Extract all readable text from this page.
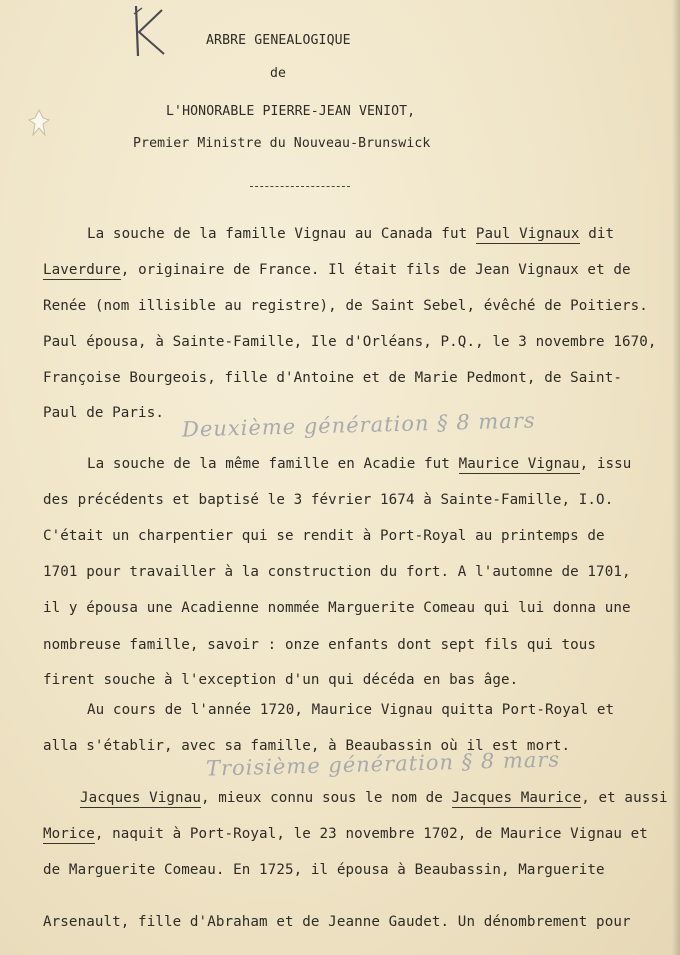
ARBRE GENEALOGIQUE
de
L'HONORABLE PIERRE-JEAN VENIOT,
Premier Ministre du Nouveau-Brunswick
La souche de la famille Vignau au Canada fut Paul Vignaux dit
Laverdure, originaire de France. Il était fils de Jean Vignaux et de
Renée (nom illisible au registre), de Saint Sebel, évêché de Poitiers.
Paul épousa, à Sainte-Famille, Ile d'Orléans, P.Q., le 3 novembre 1670,
Françoise Bourgeois, fille d'Antoine et de Marie Pedmont, de Saint-
Paul de Paris.
La souche de la même famille en Acadie fut Maurice Vignau, issu
des précédents et baptisé le 3 février 1674 à Sainte-Famille, I.O.
C'était un charpentier qui se rendit à Port-Royal au printemps de
1701 pour travailler à la construction du fort. A l'automne de 1701,
il y épousa une Acadienne nommée Marguerite Comeau qui lui donna une
nombreuse famille, savoir : onze enfants dont sept fils qui tous
firent souche à l'exception d'un qui décéda en bas âge.
Au cours de l'année 1720, Maurice Vignau quitta Port-Royal et
alla s'établir, avec sa famille, à Beaubassin où il est mort.
Jacques Vignau, mieux connu sous le nom de Jacques Maurice, et aussi
Morice, naquit à Port-Royal, le 23 novembre 1702, de Maurice Vignau et
de Marguerite Comeau. En 1725, il épousa à Beaubassin, Marguerite
Arsenault, fille d'Abraham et de Jeanne Gaudet. Un dénombrement pour
Deuxième génération § 8 mars
Troisième génération § 8 mars
